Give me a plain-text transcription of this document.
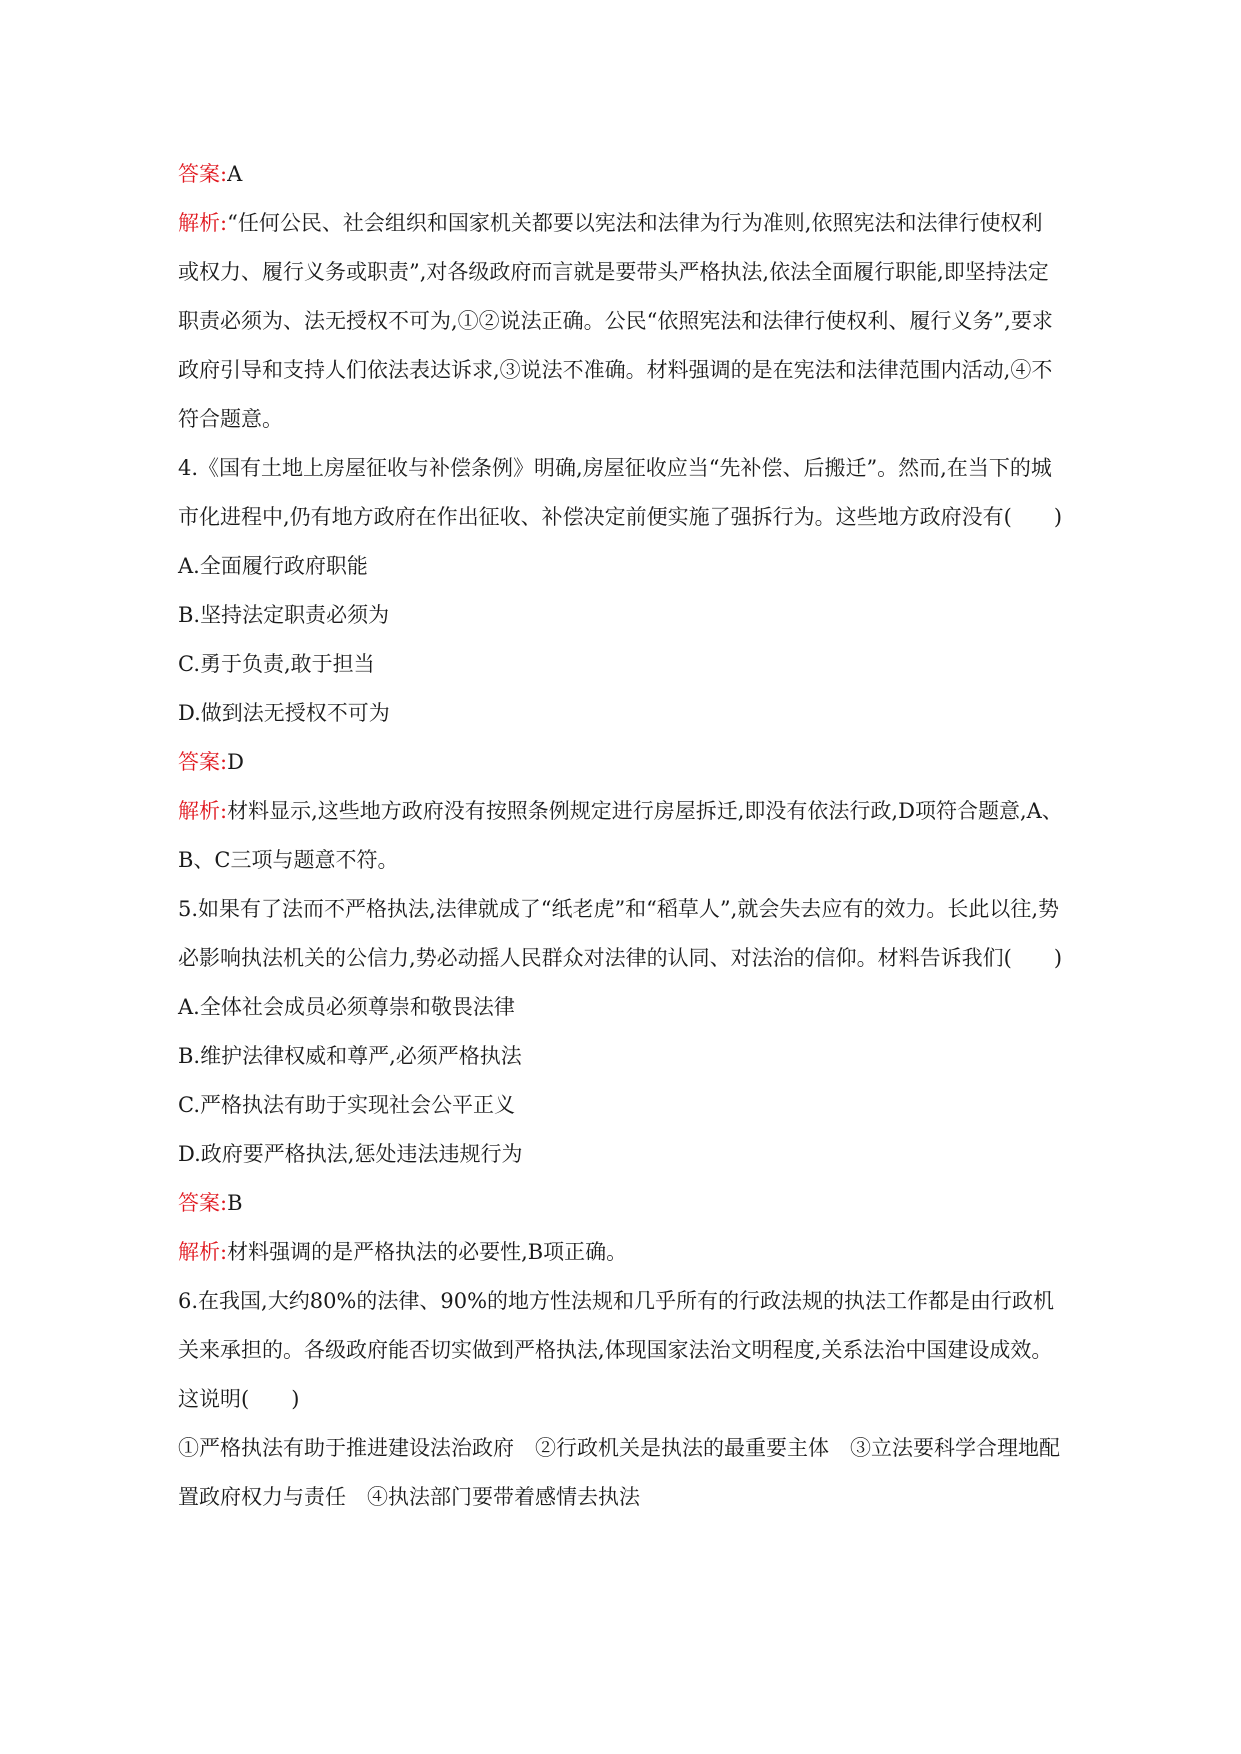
答案:A

解析:“任何公民、社会组织和国家机关都要以宪法和法律为行为准则,依照宪法和法律行使权利或权力、履行义务或职责”,对各级政府而言就是要带头严格执法,依法全面履行职能,即坚持法定职责必须为、法无授权不可为,①②说法正确。公民“依照宪法和法律行使权利、履行义务”,要求政府引导和支持人们依法表达诉求,③说法不准确。材料强调的是在宪法和法律范围内活动,④不符合题意。

4.《国有土地上房屋征收与补偿条例》明确,房屋征收应当“先补偿、后搬迁”。然而,在当下的城市化进程中,仍有地方政府在作出征收、补偿决定前便实施了强拆行为。这些地方政府没有(　　)

A.全面履行政府职能

B.坚持法定职责必须为

C.勇于负责,敢于担当

D.做到法无授权不可为

答案:D

解析:材料显示,这些地方政府没有按照条例规定进行房屋拆迁,即没有依法行政,D项符合题意,A、B、C三项与题意不符。

5.如果有了法而不严格执法,法律就成了“纸老虎”和“稻草人”,就会失去应有的效力。长此以往,势必影响执法机关的公信力,势必动摇人民群众对法律的认同、对法治的信仰。材料告诉我们(　　)

A.全体社会成员必须尊崇和敬畏法律

B.维护法律权威和尊严,必须严格执法

C.严格执法有助于实现社会公平正义

D.政府要严格执法,惩处违法违规行为

答案:B

解析:材料强调的是严格执法的必要性,B项正确。

6.在我国,大约80%的法律、90%的地方性法规和几乎所有的行政法规的执法工作都是由行政机关来承担的。各级政府能否切实做到严格执法,体现国家法治文明程度,关系法治中国建设成效。这说明(　　)

①严格执法有助于推进建设法治政府　②行政机关是执法的最重要主体　③立法要科学合理地配置政府权力与责任　④执法部门要带着感情去执法
